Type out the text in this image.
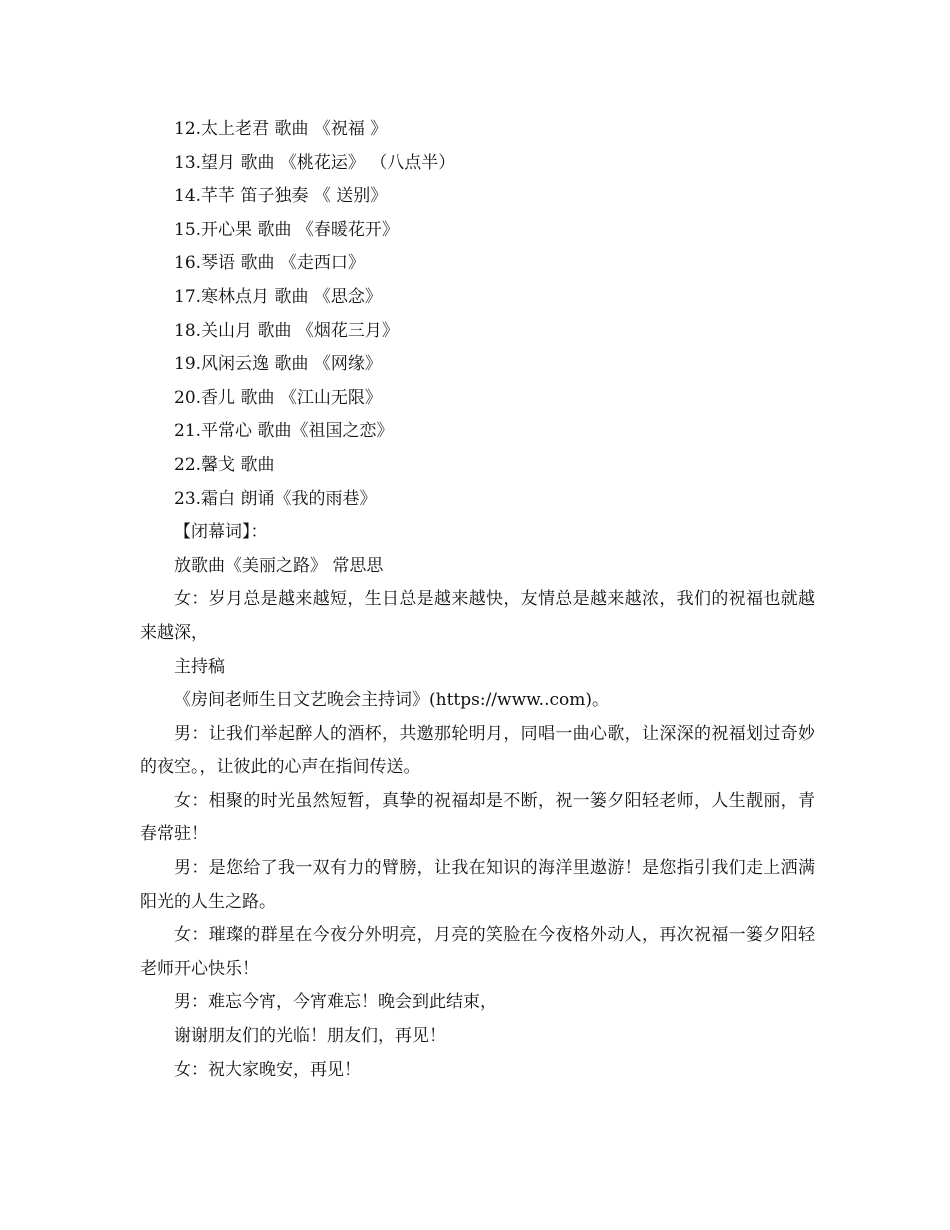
12.太上老君 歌曲 《祝福 》
13.望月 歌曲 《桃花运》 （八点半）
14.芊芊 笛子独奏 《 送别》
15.开心果 歌曲 《春暖花开》
16.琴语 歌曲 《走西口》
17.寒林点月 歌曲 《思念》
18.关山月 歌曲 《烟花三月》
19.风闲云逸 歌曲 《网缘》
20.香儿 歌曲 《江山无限》
21.平常心 歌曲《祖国之恋》
22.馨戈 歌曲
23.霜白 朗诵《我的雨巷》
【闭幕词】：
放歌曲《美丽之路》 常思思

女：岁月总是越来越短，生日总是越来越快，友情总是越来越浓，我们的祝福也就越来越深，

主持稿

《房间老师生日文艺晚会主持词》(https://www..com)。

男：让我们举起醉人的酒杯，共邀那轮明月，同唱一曲心歌，让深深的祝福划过奇妙的夜空。，让彼此的心声在指间传送。

女：相聚的时光虽然短暂，真挚的祝福却是不断，祝一篓夕阳轻老师，人生靓丽，青春常驻！

男：是您给了我一双有力的臂膀，让我在知识的海洋里遨游！是您指引我们走上洒满阳光的人生之路。

女：璀璨的群星在今夜分外明亮，月亮的笑脸在今夜格外动人，再次祝福一篓夕阳轻老师开心快乐！

男：难忘今宵，今宵难忘！晚会到此结束，

谢谢朋友们的光临！朋友们，再见！

女：祝大家晚安，再见！
